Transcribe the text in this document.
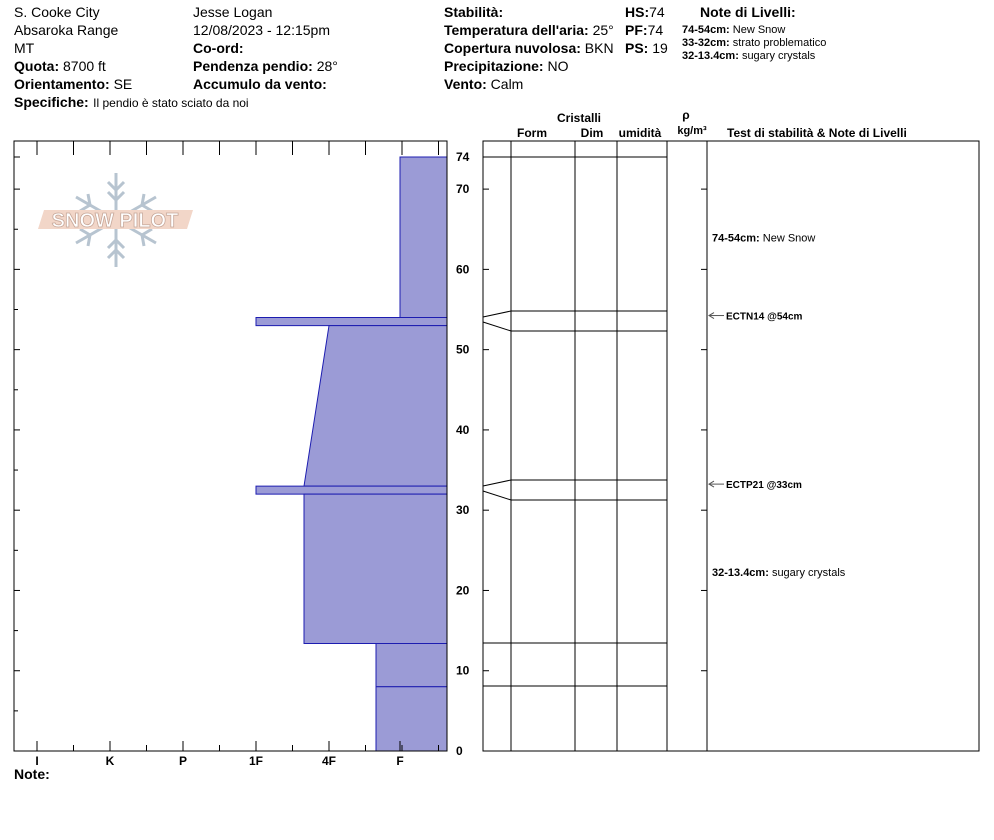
S. Cooke City
Absaroka Range
MT
Quota: 8700 ft
Orientamento: SE
Specifiche: Il pendio è stato sciato da noi
Jesse Logan
12/08/2023 - 12:15pm
Co-ord:
Pendenza pendio: 28°
Accumulo da vento:
Stabilità:
Temperatura dell'aria: 25°
Copertura nuvolosa: BKN
Precipitazione: NO
Vento: Calm
HS:74
PF:74
PS: 19
Note di Livelli:
74-54cm: New Snow
33-32cm: strato problematico
32-13.4cm: sugary crystals
Note:
Cristalli
Form	Dim umidità
ρ
kg/m³ Test di stabilità & Note di Livelli
SNOW PILOT
I	K	P	1F	4F	F
0
10
20
30
40
50
60
70
74
ECTN14 @54cm
ECTP21 @33cm
74-54cm: New Snow
32-13.4cm: sugary crystals
